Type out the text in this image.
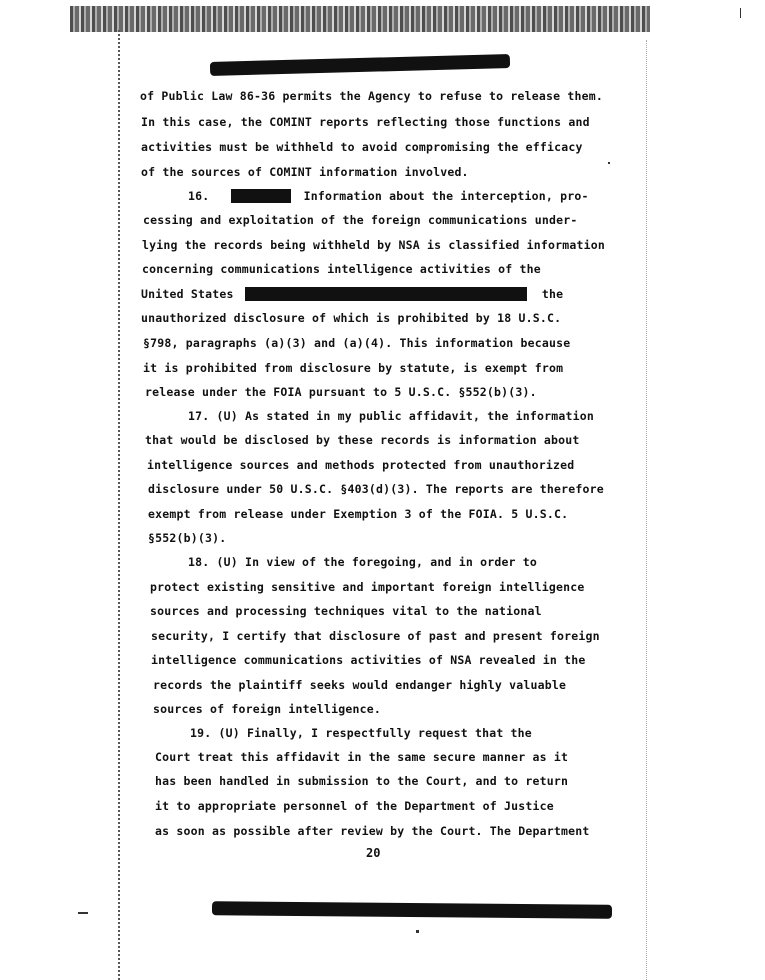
of Public Law 86-36 permits the Agency to refuse to release them.
In this case, the COMINT reports reflecting those functions and
activities must be withheld to avoid compromising the efficacy
of the sources of COMINT information involved.
16.	Information about the interception, pro-
cessing and exploitation of the foreign communications under-
lying the records being withheld by NSA is classified information
concerning communications intelligence activities of the
United States	the
unauthorized disclosure of which is prohibited by 18 U.S.C.
§798, paragraphs (a)(3) and (a)(4). This information because
it is prohibited from disclosure by statute, is exempt from
release under the FOIA pursuant to 5 U.S.C. §552(b)(3).
17. (U) As stated in my public affidavit, the information
that would be disclosed by these records is information about
intelligence sources and methods protected from unauthorized
disclosure under 50 U.S.C. §403(d)(3). The reports are therefore
exempt from release under Exemption 3 of the FOIA. 5 U.S.C.
§552(b)(3).
18. (U) In view of the foregoing, and in order to
protect existing sensitive and important foreign intelligence
sources and processing techniques vital to the national
security, I certify that disclosure of past and present foreign
intelligence communications activities of NSA revealed in the
records the plaintiff seeks would endanger highly valuable
sources of foreign intelligence.
19. (U) Finally, I respectfully request that the
Court treat this affidavit in the same secure manner as it
has been handled in submission to the Court, and to return
it to appropriate personnel of the Department of Justice
as soon as possible after review by the Court. The Department
20
